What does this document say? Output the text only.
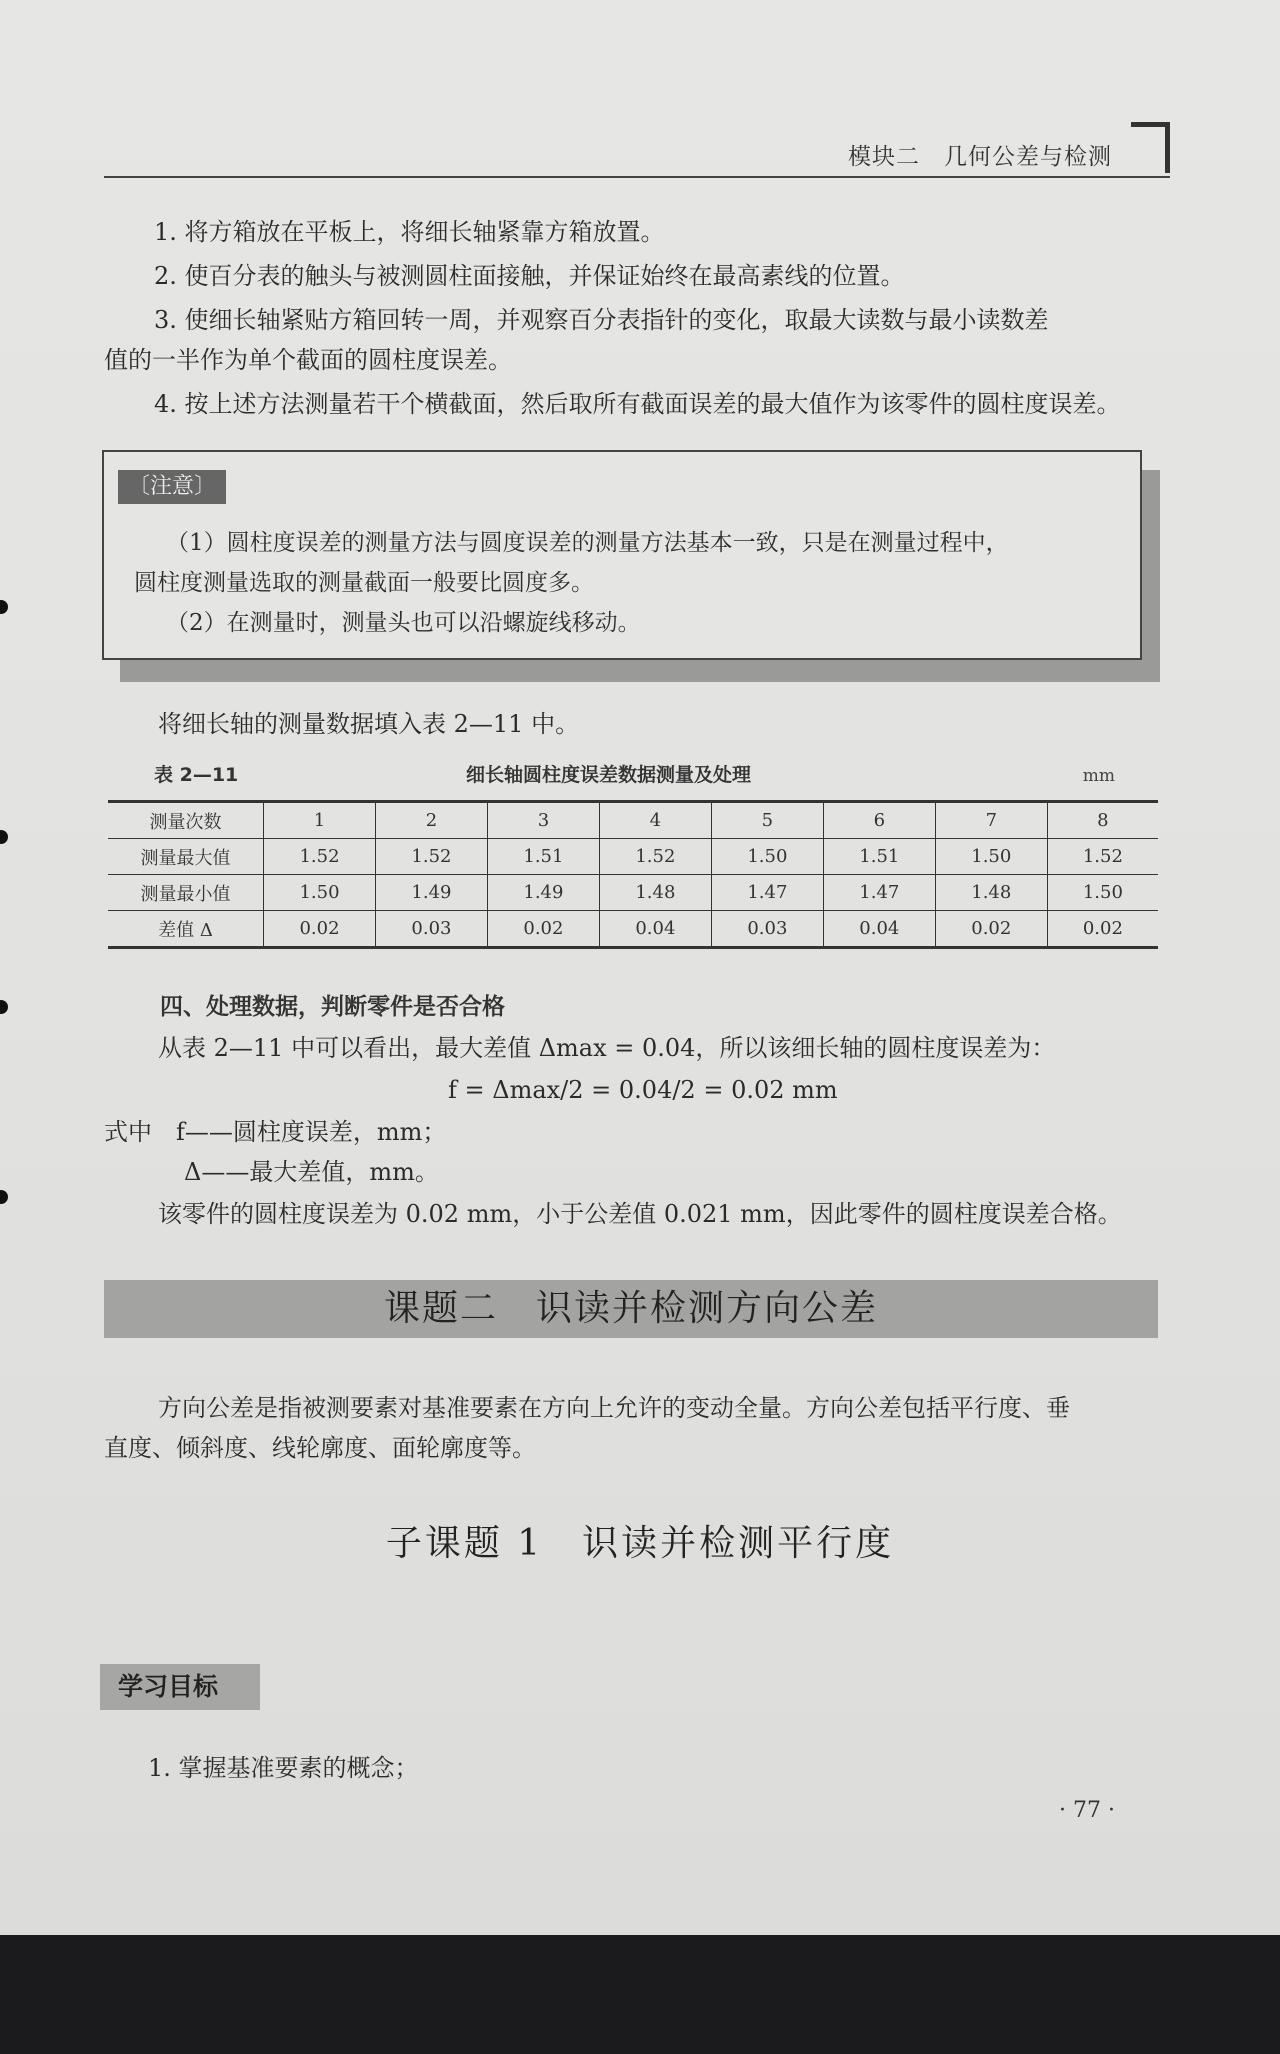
模块二　几何公差与检测
1. 将方箱放在平板上，将细长轴紧靠方箱放置。
2. 使百分表的触头与被测圆柱面接触，并保证始终在最高素线的位置。
3. 使细长轴紧贴方箱回转一周，并观察百分表指针的变化，取最大读数与最小读数差
值的一半作为单个截面的圆柱度误差。
4. 按上述方法测量若干个横截面，然后取所有截面误差的最大值作为该零件的圆柱度误差。
〔注意〕
（1）圆柱度误差的测量方法与圆度误差的测量方法基本一致，只是在测量过程中，
圆柱度测量选取的测量截面一般要比圆度多。
（2）在测量时，测量头也可以沿螺旋线移动。
将细长轴的测量数据填入表 2—11 中。
表 2—11	细长轴圆柱度误差数据测量及处理	mm
测量次数	1	2	3	4	5	6	7	8
测量最大值	1.52	1.52	1.51	1.52	1.50	1.51	1.50	1.52
测量最小值	1.50	1.49	1.49	1.48	1.47	1.47	1.48	1.50
差值 Δ	0.02	0.03	0.02	0.04	0.03	0.04	0.02	0.02
四、处理数据，判断零件是否合格
从表 2—11 中可以看出，最大差值 Δmax = 0.04，所以该细长轴的圆柱度误差为：
f = Δmax/2 = 0.04/2 = 0.02 mm
式中　f——圆柱度误差，mm；
Δ——最大差值，mm。
该零件的圆柱度误差为 0.02 mm，小于公差值 0.021 mm，因此零件的圆柱度误差合格。
课题二　识读并检测方向公差
方向公差是指被测要素对基准要素在方向上允许的变动全量。方向公差包括平行度、垂
直度、倾斜度、线轮廓度、面轮廓度等。
子课题 1　识读并检测平行度
学习目标
1. 掌握基准要素的概念；
· 77 ·
